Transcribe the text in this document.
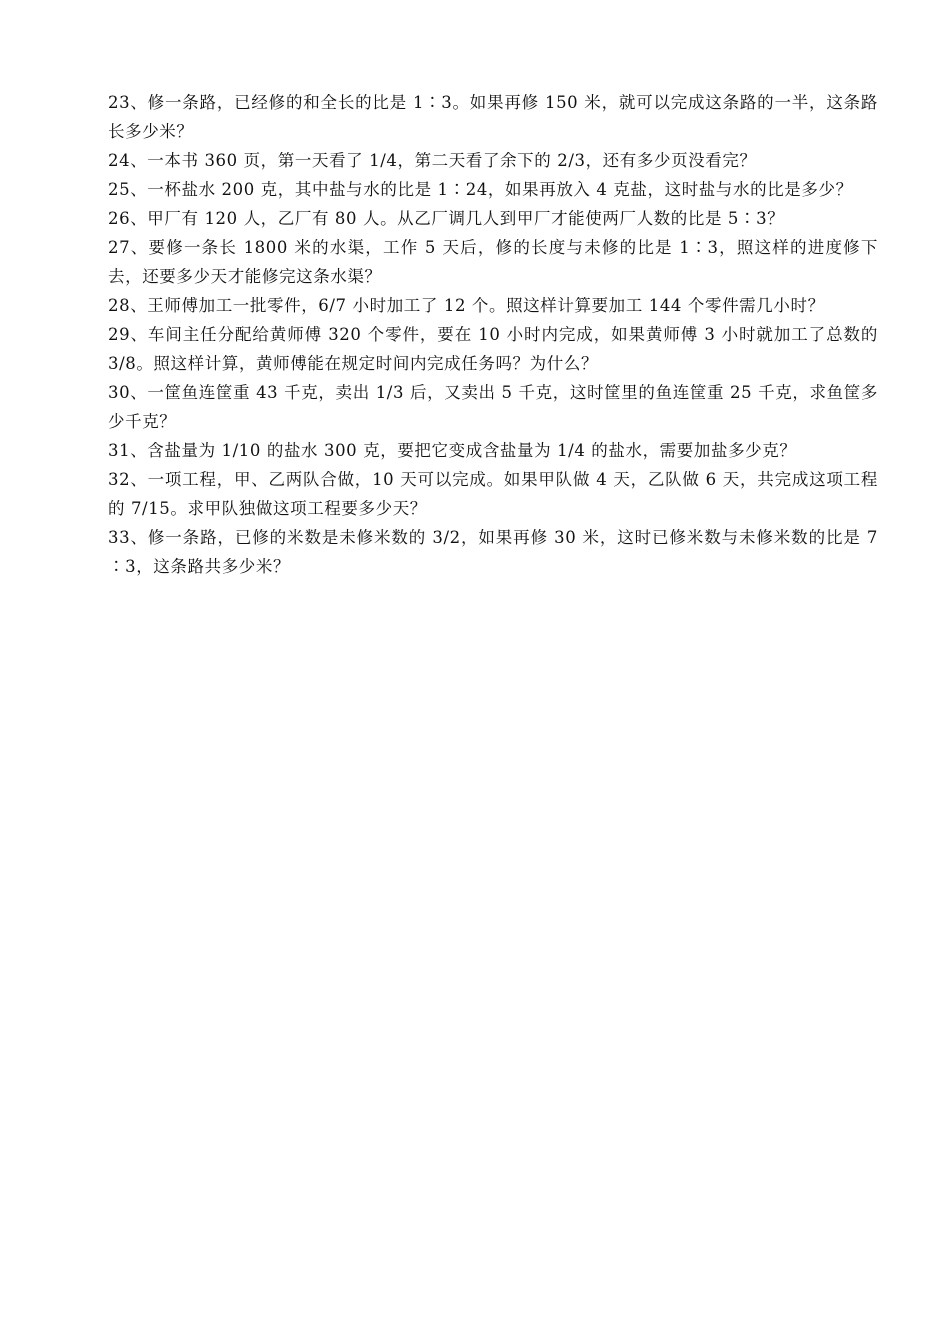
23、修一条路，已经修的和全长的比是 1∶3。如果再修 150 米，就可以完成这条路的一半，这条路长多少米？

24、一本书 360 页，第一天看了 1/4，第二天看了余下的 2/3，还有多少页没看完？

25、一杯盐水 200 克，其中盐与水的比是 1∶24，如果再放入 4 克盐，这时盐与水的比是多少？

26、甲厂有 120 人，乙厂有 80 人。从乙厂调几人到甲厂才能使两厂人数的比是 5∶3？

27、要修一条长 1800 米的水渠，工作 5 天后，修的长度与未修的比是 1∶3，照这样的进度修下去，还要多少天才能修完这条水渠？

28、王师傅加工一批零件，6/7 小时加工了 12 个。照这样计算要加工 144 个零件需几小时？

29、车间主任分配给黄师傅 320 个零件，要在 10 小时内完成，如果黄师傅 3 小时就加工了总数的 3/8。照这样计算，黄师傅能在规定时间内完成任务吗？为什么？

30、一筐鱼连筐重 43 千克，卖出 1/3 后，又卖出 5 千克，这时筐里的鱼连筐重 25 千克，求鱼筐多少千克？

31、含盐量为 1/10 的盐水 300 克，要把它变成含盐量为 1/4 的盐水，需要加盐多少克？

32、一项工程，甲、乙两队合做，10 天可以完成。如果甲队做 4 天，乙队做 6 天，共完成这项工程的 7/15。求甲队独做这项工程要多少天？

33、修一条路，已修的米数是未修米数的 3/2，如果再修 30 米，这时已修米数与未修米数的比是 7∶3，这条路共多少米？
